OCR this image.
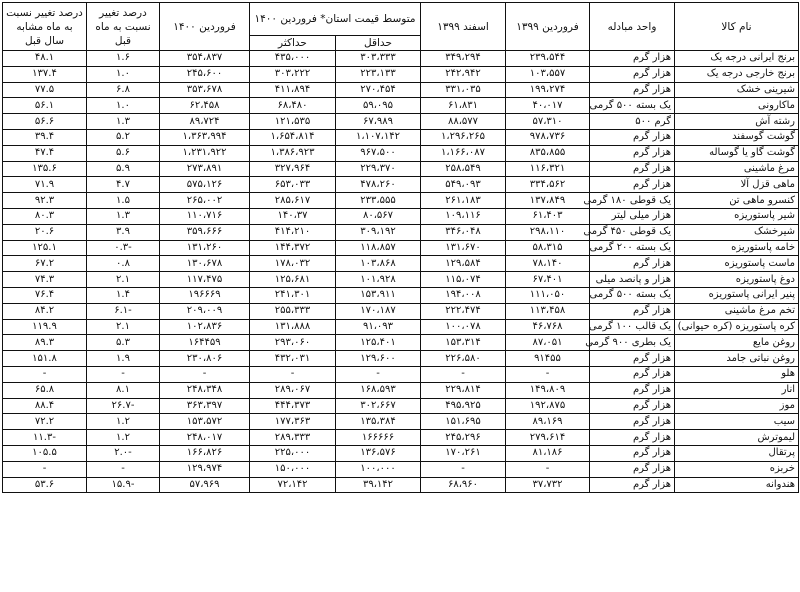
نام کالا	واحد مبادله	فروردین ۱۳۹۹	اسفند ۱۳۹۹	متوسط قیمت استان* فروردین ۱۴۰۰		فروردین ۱۴۰۰	درصد تغییر نسبت به ماه قبل	درصد تغییر نسبت به ماه مشابه سال قبل
				حداقل	حداکثر			
برنج ایرانی درجه یک	هزار گرم	۲۳۹،۵۴۴	۳۴۹،۲۹۴	۳۰۳،۳۳۳	۴۳۵،۰۰۰	۳۵۴،۸۳۷	۱.۶	۴۸.۱
برنج خارجی درجه یک	هزار گرم	۱۰۳،۵۵۷	۲۴۲،۹۴۲	۲۲۳،۱۳۳	۳۰۳،۲۲۲	۲۴۵،۶۰۰	۱.۰	۱۳۷.۴
شیرینی خشک	هزار گرم	۱۹۹،۲۷۴	۳۳۱،۰۳۵	۲۷۰،۴۵۴	۴۱۱،۸۹۴	۳۵۳،۶۷۸	۶.۸	۷۷.۵
ماکارونی	یک بسته ۵۰۰ گرمی	۴۰،۰۱۷	۶۱،۸۳۱	۵۹،۰۹۵	۶۸،۴۸۰	۶۲،۴۵۸	۱.۰	۵۶.۱
رشته آش	گرم ۵۰۰	۵۷،۳۱۰	۸۸،۵۷۷	۶۷،۹۸۹	۱۲۱،۵۳۵	۸۹،۷۲۴	۱.۳	۵۶.۶
گوشت گوسفند	هزار گرم	۹۷۸،۷۳۶	۱،۲۹۶،۲۶۵	۱،۱۰۷،۱۴۲	۱،۶۵۴،۸۱۴	۱،۳۶۳،۹۹۴	۵.۲	۳۹.۴
گوشت گاو یا گوساله	هزار گرم	۸۳۵،۸۵۵	۱،۱۶۶،۰۸۷	۹۶۷،۵۰۰	۱،۳۸۶،۹۲۳	۱،۲۳۱،۹۲۲	۵.۶	۴۷.۴
مرغ ماشینی	هزار گرم	۱۱۶،۳۲۱	۲۵۸،۵۴۹	۲۲۹،۳۷۰	۳۲۷،۹۶۴	۲۷۳،۸۹۱	۵.۹	۱۳۵.۶
ماهی قزل آلا	هزار گرم	۳۳۴،۵۶۲	۵۴۹،۰۹۳	۴۷۸،۲۶۰	۶۵۳،۰۳۳	۵۷۵،۱۲۶	۴.۷	۷۱.۹
کنسرو ماهی تن	یک قوطی ۱۸۰ گرمی	۱۳۷،۸۴۹	۲۶۱،۱۸۳	۲۳۳،۵۵۵	۲۸۵،۶۱۷	۲۶۵،۰۰۲	۱.۵	۹۲.۳
شیر پاستوریزه	هزار میلی لیتر	۶۱،۴۰۳	۱۰۹،۱۱۶	۸۰،۵۶۷	۱۴۰،۳۷	۱۱۰،۷۱۶	۱.۳	۸۰.۳
شیرخشک	یک قوطی ۴۵۰ گرمی	۲۹۸،۱۱۰	۳۴۶،۰۴۸	۳۰۹،۱۹۲	۴۱۴،۲۱۰	۳۵۹،۶۶۶	۳.۹	۲۰.۶
خامه پاستوریزه	یک بسته ۲۰۰ گرمی	۵۸،۳۱۵	۱۳۱،۶۷۰	۱۱۸،۸۵۷	۱۴۴،۳۷۲	۱۳۱،۲۶۰	-۰.۳	۱۲۵.۱
ماست پاستوریزه	هزار گرم	۷۸،۱۴۰	۱۲۹،۵۸۴	۱۰۳،۸۶۸	۱۷۸،۰۳۲	۱۳۰،۶۷۸	۰.۸	۶۷.۲
دوغ پاستوریزه	هزار و پانصد میلی	۶۷،۴۰۱	۱۱۵،۰۷۴	۱۰۱،۹۲۸	۱۲۵،۶۸۱	۱۱۷،۴۷۵	۲.۱	۷۴.۳
پنیر ایرانی پاستوریزه	یک بسته ۵۰۰ گرمی	۱۱۱،۰۵۰	۱۹۴،۰۰۸	۱۵۳،۹۱۱	۲۴۱،۳۰۱	۱۹۶۶۶۹	۱.۴	۷۶.۴
تخم مرغ ماشینی	هزار گرم	۱۱۳،۴۵۸	۲۲۲،۴۷۴	۱۷۰،۱۸۷	۲۵۵،۳۳۳	۲۰۹،۰۰۹	-۶.۱	۸۴.۲
کره پاستوریزه (کره حیوانی)	یک قالب ۱۰۰ گرمی	۴۶،۷۶۸	۱۰۰،۰۷۸	۹۱،۰۹۳	۱۳۱،۸۸۸	۱۰۲،۸۳۶	۲.۱	۱۱۹.۹
روغن مایع	یک بطری ۹۰۰ گرمی	۸۷،۰۵۱	۱۵۳،۳۱۴	۱۲۵،۴۰۱	۲۹۳،۰۶۰	۱۶۴۴۵۹	۵.۳	۸۹.۳
روغن نباتی جامد	هزار گرم	۹۱۴۵۵	۲۲۶،۵۸۰	۱۲۹،۶۰۰	۴۳۲،۰۳۱	۲۳۰،۸۰۶	۱.۹	۱۵۱.۸
هلو	هزار گرم	-	-	-	-	-	-	-
انار	هزار گرم	۱۴۹،۸۰۹	۲۲۹،۸۱۴	۱۶۸،۵۹۳	۲۸۹،۰۶۷	۲۴۸،۳۴۸	۸.۱	۶۵.۸
موز	هزار گرم	۱۹۲،۸۷۵	۴۹۵،۹۲۵	۳۰۲،۶۶۷	۴۴۴،۳۷۳	۳۶۳،۳۹۷	-۲۶.۷	۸۸.۴
سیب	هزار گرم	۸۹،۱۶۹	۱۵۱،۶۹۵	۱۳۵،۳۸۴	۱۷۷،۳۶۳	۱۵۳،۵۷۲	۱.۲	۷۲.۲
لیموترش	هزار گرم	۲۷۹،۶۱۴	۲۴۵،۲۹۶	۱۶۶۶۶۶	۲۸۹،۳۳۳	۲۴۸،۰۱۷	۱.۲	-۱۱.۳
پرتقال	هزار گرم	۸۱،۱۸۶	۱۷۰،۲۶۱	۱۳۶،۵۷۶	۲۲۵،۰۰۰	۱۶۶،۸۲۶	-۲.۰	۱۰۵.۵
خربزه	هزار گرم	-	-	۱۰۰،۰۰۰	۱۵۰،۰۰۰	۱۲۹،۹۷۴	-	-
هندوانه	هزار گرم	۳۷،۷۳۲	۶۸،۹۶۰	۳۹،۱۴۲	۷۲،۱۴۲	۵۷،۹۶۹	-۱۵.۹	۵۳.۶
